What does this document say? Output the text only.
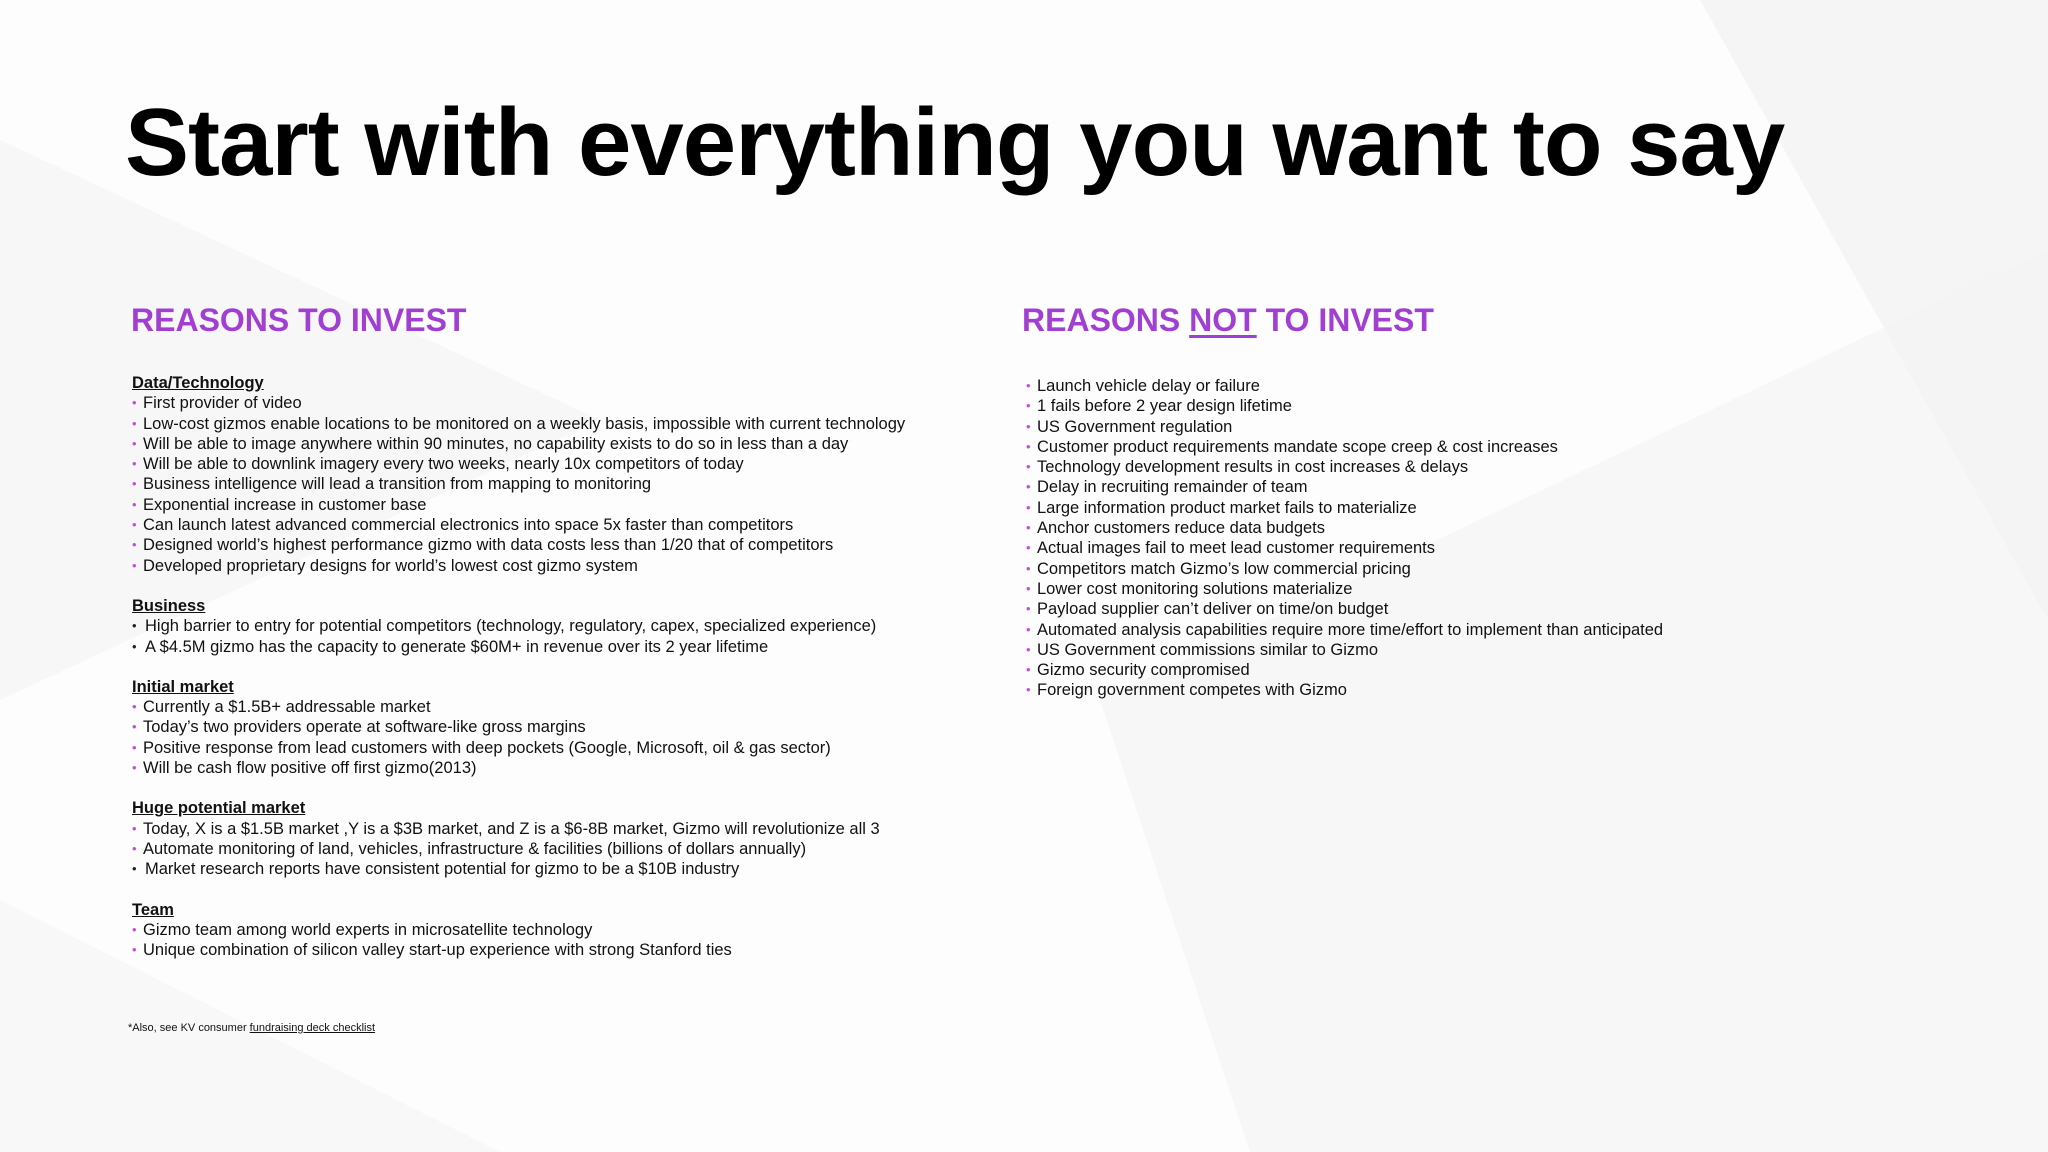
Start with everything you want to say
REASONS TO INVEST	REASONS NOT TO INVEST
Data/Technology
• First provider of video
• Low-cost gizmos enable locations to be monitored on a weekly basis, impossible with current technology
• Will be able to image anywhere within 90 minutes, no capability exists to do so in less than a day
• Will be able to downlink imagery every two weeks, nearly 10x competitors of today
• Business intelligence will lead a transition from mapping to monitoring
• Exponential increase in customer base
• Can launch latest advanced commercial electronics into space 5x faster than competitors
• Designed world’s highest performance gizmo with data costs less than 1/20 that of competitors
• Developed proprietary designs for world’s lowest cost gizmo system
Business
• High barrier to entry for potential competitors (technology, regulatory, capex, specialized experience)
• A $4.5M gizmo has the capacity to generate $60M+ in revenue over its 2 year lifetime
Initial market
• Currently a $1.5B+ addressable market
• Today’s two providers operate at software-like gross margins
• Positive response from lead customers with deep pockets (Google, Microsoft, oil & gas sector)
• Will be cash flow positive off first gizmo(2013)
Huge potential market
• Today, X is a $1.5B market ,Y is a $3B market, and Z is a $6-8B market, Gizmo will revolutionize all 3
• Automate monitoring of land, vehicles, infrastructure & facilities (billions of dollars annually)
• Market research reports have consistent potential for gizmo to be a $10B industry
Team
• Gizmo team among world experts in microsatellite technology
• Unique combination of silicon valley start-up experience with strong Stanford ties
• Launch vehicle delay or failure
• 1 fails before 2 year design lifetime
• US Government regulation
• Customer product requirements mandate scope creep & cost increases
• Technology development results in cost increases & delays
• Delay in recruiting remainder of team
• Large information product market fails to materialize
• Anchor customers reduce data budgets
• Actual images fail to meet lead customer requirements
• Competitors match Gizmo’s low commercial pricing
• Lower cost monitoring solutions materialize
• Payload supplier can’t deliver on time/on budget
• Automated analysis capabilities require more time/effort to implement than anticipated
• US Government commissions similar to Gizmo
• Gizmo security compromised
• Foreign government competes with Gizmo
*Also, see KV consumer fundraising deck checklist
